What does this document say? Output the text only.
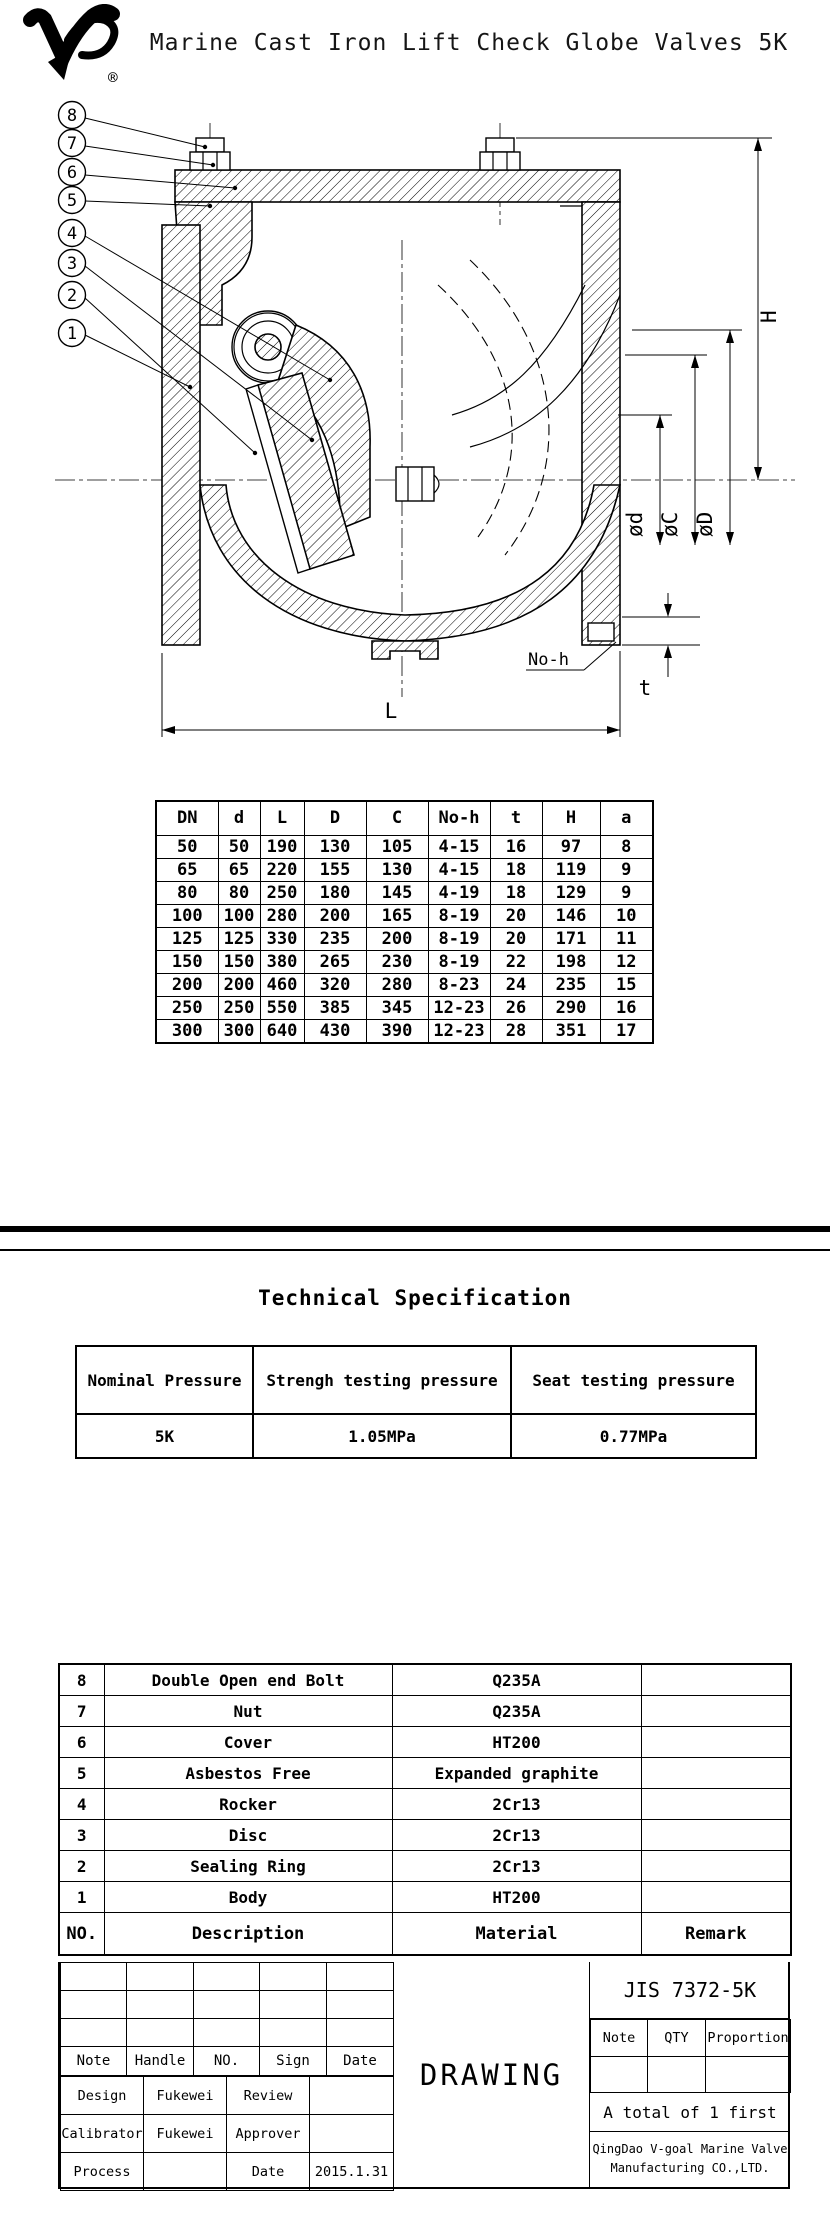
®
Marine Cast Iron Lift Check Globe Valves 5K
8
7
6
5
4
3
2
1
H
ød øC øD
No-h
t
L
DN	d	L	D	C	No-h	t	H	a
50	50	190	130	105	4-15	16	97	8
65	65	220	155	130	4-15	18	119	9
80	80	250	180	145	4-19	18	129	9
100	100	280	200	165	8-19	20	146	10
125	125	330	235	200	8-19	20	171	11
150	150	380	265	230	8-19	22	198	12
200	200	460	320	280	8-23	24	235	15
250	250	550	385	345	12-23	26	290	16
300	300	640	430	390	12-23	28	351	17
Technical Specification
Nominal Pressure	Strengh testing pressure	Seat testing pressure
5K	1.05MPa	0.77MPa
8	Double Open end Bolt	Q235A	
7	Nut	Q235A	
6	Cover	HT200	
5	Asbestos Free	Expanded graphite	
4	Rocker	2Cr13	
3	Disc	2Cr13	
2	Sealing Ring	2Cr13	
1	Body	HT200	
NO.	Description	Material	Remark

Note	Handle	NO.	Sign	Date
Design	Fukewei	Review	
Calibrator	Fukewei	Approver	
Process		Date	2015.1.31
DRAWING
JIS 7372-5K
Note	QTY	Proportion

A total of 1 first
QingDao V-goal Marine Valve
Manufacturing CO.,LTD.
